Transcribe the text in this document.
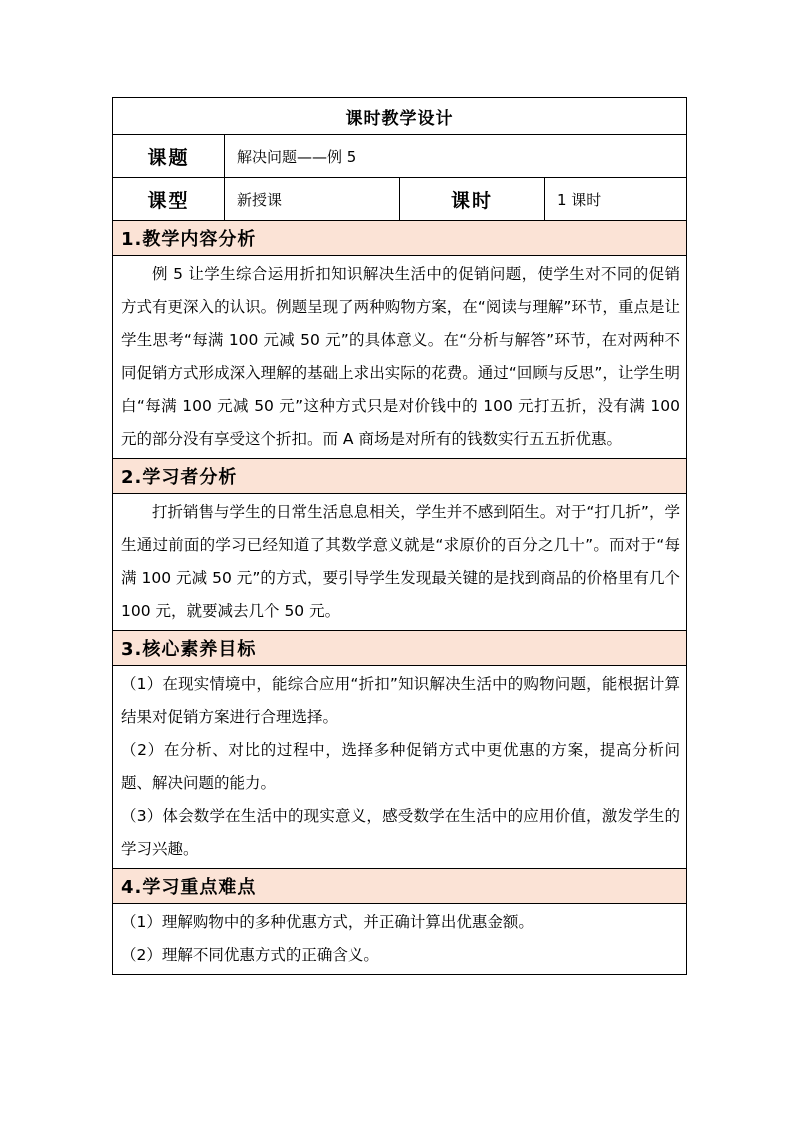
课时教学设计			
课题	解决问题——例 5		
课型	新授课	课时	1 课时
1.教学内容分析			

例 5 让学生综合运用折扣知识解决生活中的促销问题，使学生对不同的促销方式有更深入的认识。例题呈现了两种购物方案，在“阅读与理解”环节，重点是让学生思考“每满 100 元减 50 元”的具体意义。在“分析与解答”环节，在对两种不同促销方式形成深入理解的基础上求出实际的花费。通过“回顾与反思”，让学生明白“每满 100 元减 50 元”这种方式只是对价钱中的 100 元打五折，没有满 100 元的部分没有享受这个折扣。而 A 商场是对所有的钱数实行五五折优惠。			

2.学习者分析			

打折销售与学生的日常生活息息相关，学生并不感到陌生。对于“打几折”，学生通过前面的学习已经知道了其数学意义就是“求原价的百分之几十”。而对于“每满 100 元减 50 元”的方式，要引导学生发现最关键的是找到商品的价格里有几个 100 元，就要减去几个 50 元。			

3.核心素养目标			

（1）在现实情境中，能综合应用“折扣”知识解决生活中的购物问题，能根据计算结果对促销方案进行合理选择。

（2）在分析、对比的过程中，选择多种促销方式中更优惠的方案，提高分析问题、解决问题的能力。

（3）体会数学在生活中的现实意义，感受数学在生活中的应用价值，激发学生的学习兴趣。			

4.学习重点难点			

（1）理解购物中的多种优惠方式，并正确计算出优惠金额。

（2）理解不同优惠方式的正确含义。			
